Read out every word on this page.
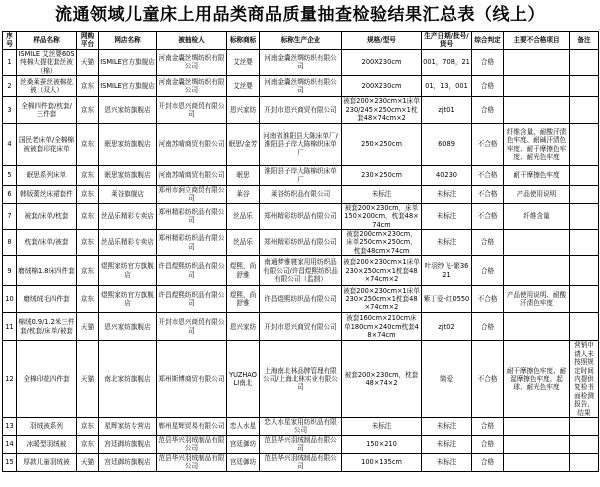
流通领域儿童床上用品类商品质量抽查检验结果汇总表（线上）
序号	样品名称	网购平台	网店名称	被抽检人	标称商标	标称生产企业	规格/型号	生产日期/批号/货号	综合判定	主要不合格项目	备注
1	ISMILE 艾丝婴60S纯棉大提花套丝被（棉）	天猫	ISMILE官方旗舰店	河南金囊丝绸纺织有限公司	艾丝婴	河南金囊丝绸纺织有限公司	200X230cm	001，708，21	合格		
2	丝桑莱蚕丝被棉花被（双人）	京东	ISMILE官方旗舰店	河南金囊丝绸纺织有限公司	艾丝婴	河南金囊丝绸纺织有限公司	200X230cm	01，13，001	合格		
3	全棉四件套/枕套/三件套	京东	恩兴家纺旗舰店	开封市恩兴商贸有限公司	恩兴家纺	开封市恩兴商贸有限公司	被套200×230cm×1床单230/245×250cm×1枕套48×74cm×2	zjt01	合格		
4	国民老床单/全棉棉被被套印花床单	京东	眠思家纺旗舰店	河南苏晴商贸有限公司	眠思/金芳	河南省淮阳县大陈床单厂/淮阳县子岸大陈棉织床单厂	250×250cm	6089	不合格	纤维含量、耐酸汗渍色牢度、耐碱汗渍色牢度、耐干摩擦色牢度、耐光色牢度	
5	眠思系列床单	京东	眠思家纺旗舰店	河南苏晴商贸有限公司	眠思	淮阳县子岸大陈棉织床单厂	230×250cm	40230	不合格	耐干摩擦色牢度	
6	韩版蕾丝床裙套件	京东	莱谷旗舰店	郑州市涧立商贸有限公司	莱谷	莱谷纺织品有限公司	未标注	未标注	不合格	产品使用说明	
7	被套/床单/枕套	京东	丝品乐精彩专卖店	郑州精彩纺织品有限公司	丝品乐	郑州精彩纺织品有限公司	被套200×230cm，床单150×200cm，枕套48×74cm	未标注	不合格	纤维含量	
8	枕套/床单/被套	京东	丝品乐精彩专卖店	郑州精彩纺织品有限公司	丝品乐	郑州精彩纺织品有限公司	被套200cm×230cm，床单250cm×250cm，枕套48cm×74cm	未标注	合格		
9	磨绒棉1.8床四件套	京东	煜熙家纺官方旗舰店	许昌煜熙纺织品有限公司	煜熙，尚舒雅	南通梦雅寝家用用纺织品有限公司/许昌煜熙纺织品有限公司（监制）	被套200×230cm×1床单230×250cm×1枕套48×74cm×2	叶羽纱飞-繁3621	合格		
10	磨绒绒毛四件套	京东	煜熙家纺官方旗舰店	许昌煜熙纺织品有限公司	煜熙，尚舒雅	许昌煜熙纺织品有限公司	被套200×230cm×1床单230×250cm×1枕套48×74cm×2	紫丁爱-红0550	不合格	产品使用说明、耐酸汗渍色牢度	
11	棉绒0.9/1.2米三件套/枕套/床单/被套	天猫	恩兴家纺旗舰店	开封市恩兴商贸有限公司	恩兴家纺	开封市恩兴商贸有限公司	被套160cm×210cm床单180cm×240cm枕套48×74cm	zjt02	合格		
12	全棉印花四件套	天猫	南北家纺旗舰店	郑州斯博商贸有限公司	YUZHAOLI南北	上海南北林品牌管理有限公司/上海北林实业有限公司	被套200×230cm，枕套48×74×2	简爱	不合格	耐干摩擦色牢度、耐湿摩擦色牢度、起球、耐光色牢度	营销申请人未按照规定时间内提供复检书面检测报告，结果
13	羽绒被系列	京东	星辉家纺专营店	郸州星辉贸易有限公司	恋人水星	恋人水星家用纺织品有限公司	未标注	未标注	合格		
14	冰暖型羽绒被	京东	宫廷御坊旗舰店	范县华兴羽绒制品有限公司	宫廷御坊	范县华兴羽绒制品有限公司	150×210	未标注	合格		
15	厚款儿童羽绒被	天猫	宫廷御坊旗舰店	范县华兴羽绒制品有限公司	宫廷御坊	范县华兴羽绒制品有限公司	100×135cm	未标注	合格		
